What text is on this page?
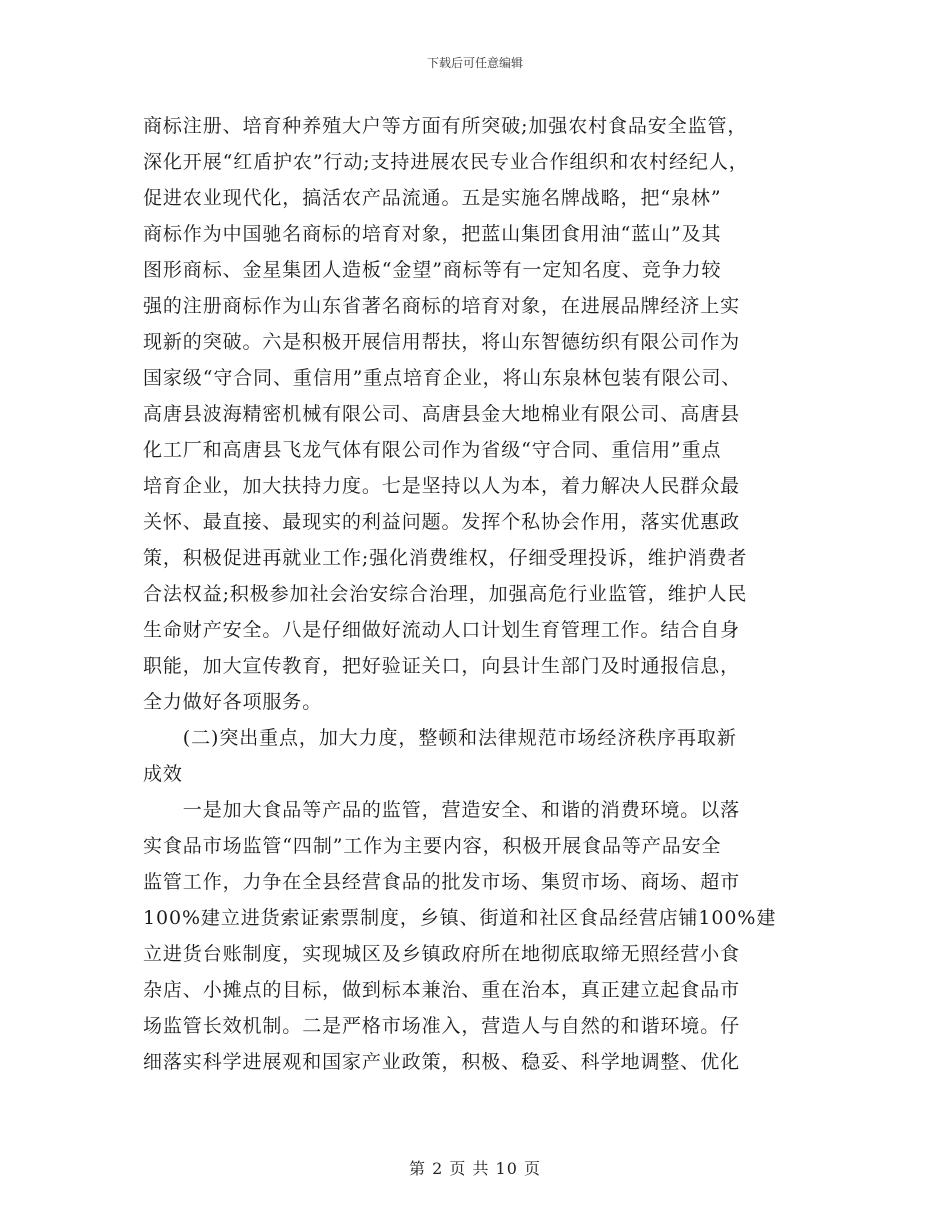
下载后可任意编辑
商标注册、培育种养殖大户等方面有所突破;加强农村食品安全监管，
深化开展“红盾护农”行动;支持进展农民专业合作组织和农村经纪人，
促进农业现代化，搞活农产品流通。五是实施名牌战略，把“泉林”
商标作为中国驰名商标的培育对象，把蓝山集团食用油“蓝山”及其
图形商标、金星集团人造板“金望”商标等有一定知名度、竞争力较
强的注册商标作为山东省著名商标的培育对象，在进展品牌经济上实
现新的突破。六是积极开展信用帮扶，将山东智德纺织有限公司作为
国家级“守合同、重信用”重点培育企业，将山东泉林包装有限公司、
高唐县波海精密机械有限公司、高唐县金大地棉业有限公司、高唐县
化工厂和高唐县飞龙气体有限公司作为省级“守合同、重信用”重点
培育企业，加大扶持力度。七是坚持以人为本，着力解决人民群众最
关怀、最直接、最现实的利益问题。发挥个私协会作用，落实优惠政
策，积极促进再就业工作;强化消费维权，仔细受理投诉，维护消费者
合法权益;积极参加社会治安综合治理，加强高危行业监管，维护人民
生命财产安全。八是仔细做好流动人口计划生育管理工作。结合自身
职能，加大宣传教育，把好验证关口，向县计生部门及时通报信息，
全力做好各项服务。
　　(二)突出重点，加大力度，整顿和法律规范市场经济秩序再取新
成效
　　一是加大食品等产品的监管，营造安全、和谐的消费环境。以落
实食品市场监管“四制”工作为主要内容，积极开展食品等产品安全
监管工作，力争在全县经营食品的批发市场、集贸市场、商场、超市
100%建立进货索证索票制度，乡镇、街道和社区食品经营店铺100%建
立进货台账制度，实现城区及乡镇政府所在地彻底取缔无照经营小食
杂店、小摊点的目标，做到标本兼治、重在治本，真正建立起食品市
场监管长效机制。二是严格市场准入，营造人与自然的和谐环境。仔
细落实科学进展观和国家产业政策，积极、稳妥、科学地调整、优化
第 2 页 共 10 页
